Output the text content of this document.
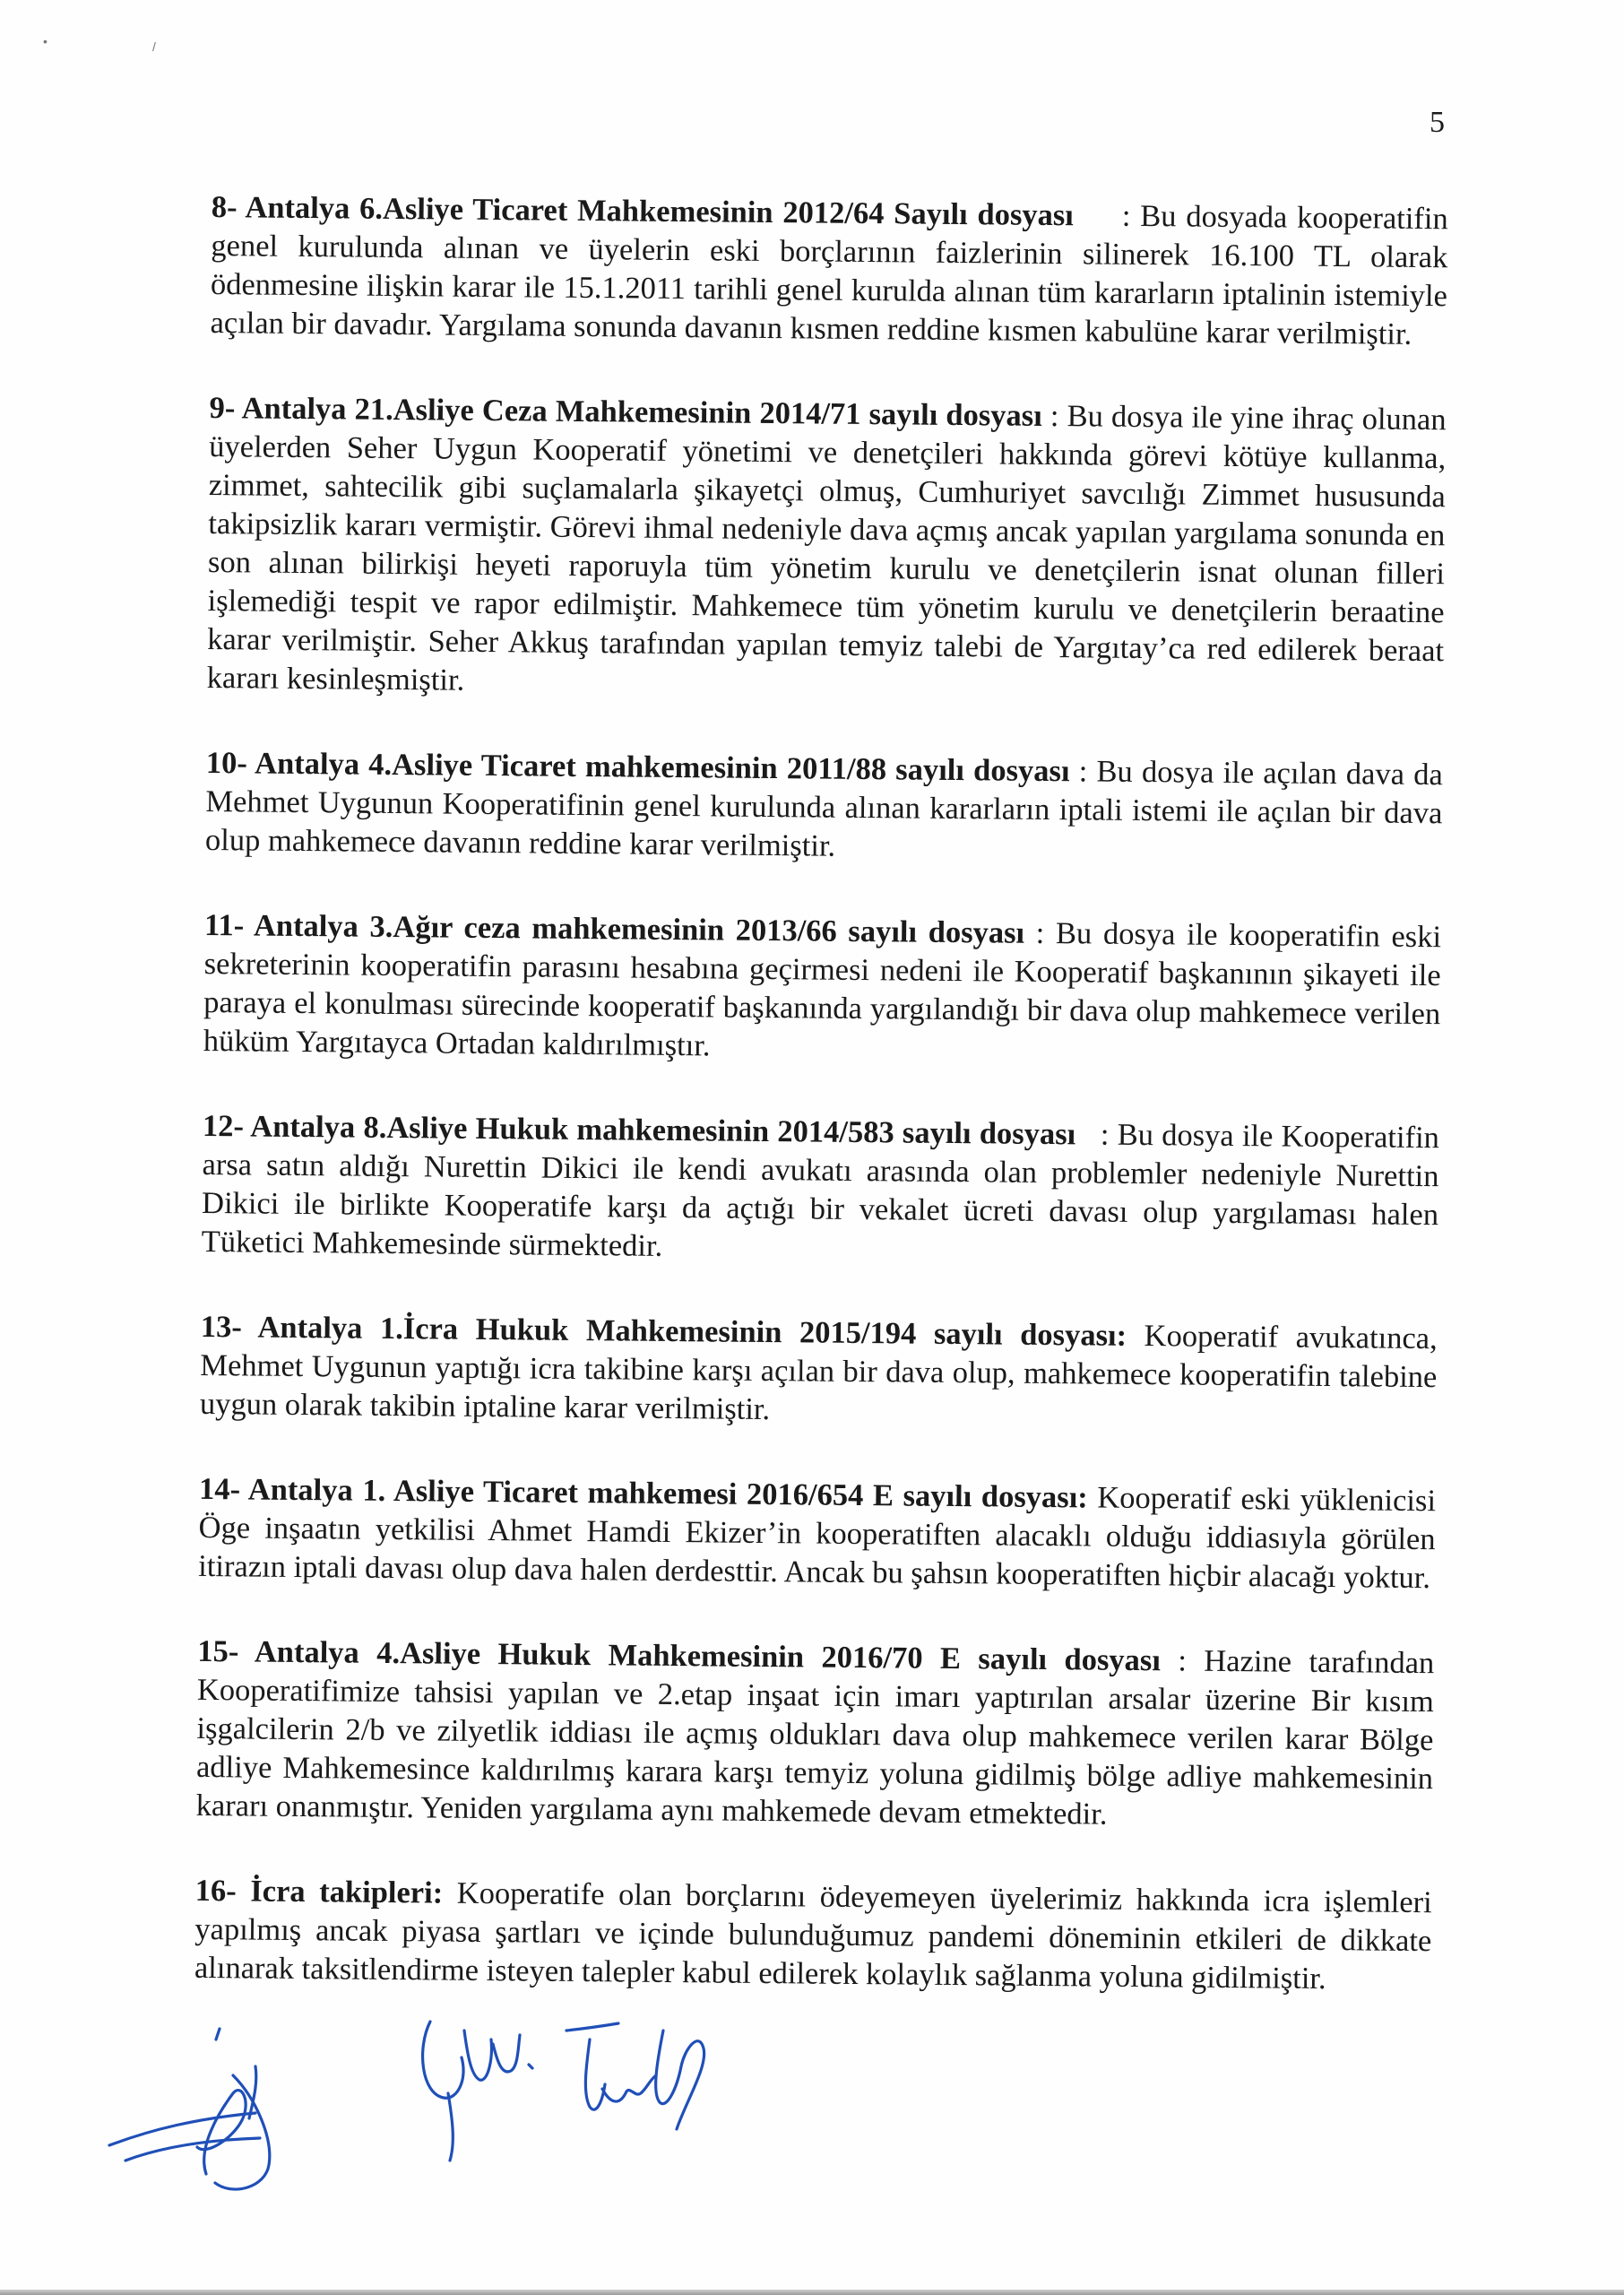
•	/
5

8- Antalya 6.Asliye Ticaret Mahkemesinin 2012/64 Sayılı dosyası : Bu dosyada kooperatifin genel kurulunda alınan ve üyelerin eski borçlarının faizlerinin silinerek 16.100 TL olarak ödenmesine ilişkin karar ile 15.1.2011 tarihli genel kurulda alınan tüm kararların iptalinin istemiyle açılan bir davadır. Yargılama sonunda davanın kısmen reddine kısmen kabulüne karar verilmiştir.

9- Antalya 21.Asliye Ceza Mahkemesinin 2014/71 sayılı dosyası : Bu dosya ile yine ihraç olunan üyelerden Seher Uygun Kooperatif yönetimi ve denetçileri hakkında görevi kötüye kullanma, zimmet, sahtecilik gibi suçlamalarla şikayetçi olmuş, Cumhuriyet savcılığı Zimmet hususunda takipsizlik kararı vermiştir. Görevi ihmal nedeniyle dava açmış ancak yapılan yargılama sonunda en son alınan bilirkişi heyeti raporuyla tüm yönetim kurulu ve denetçilerin isnat olunan filleri işlemediği tespit ve rapor edilmiştir. Mahkemece tüm yönetim kurulu ve denetçilerin beraatine karar verilmiştir. Seher Akkuş tarafından yapılan temyiz talebi de Yargıtay’ca red edilerek beraat kararı kesinleşmiştir.

10- Antalya 4.Asliye Ticaret mahkemesinin 2011/88 sayılı dosyası : Bu dosya ile açılan dava da Mehmet Uygunun Kooperatifinin genel kurulunda alınan kararların iptali istemi ile açılan bir dava olup mahkemece davanın reddine karar verilmiştir.

11- Antalya 3.Ağır ceza mahkemesinin 2013/66 sayılı dosyası : Bu dosya ile kooperatifin eski sekreterinin kooperatifin parasını hesabına geçirmesi nedeni ile Kooperatif başkanının şikayeti ile paraya el konulması sürecinde kooperatif başkanında yargılandığı bir dava olup mahkemece verilen hüküm Yargıtayca Ortadan kaldırılmıştır.

12- Antalya 8.Asliye Hukuk mahkemesinin 2014/583 sayılı dosyası : Bu dosya ile Kooperatifin arsa satın aldığı Nurettin Dikici ile kendi avukatı arasında olan problemler nedeniyle Nurettin Dikici ile birlikte Kooperatife karşı da açtığı bir vekalet ücreti davası olup yargılaması halen Tüketici Mahkemesinde sürmektedir.

13- Antalya 1.İcra Hukuk Mahkemesinin 2015/194 sayılı dosyası: Kooperatif avukatınca, Mehmet Uygunun yaptığı icra takibine karşı açılan bir dava olup, mahkemece kooperatifin talebine uygun olarak takibin iptaline karar verilmiştir.

14- Antalya 1. Asliye Ticaret mahkemesi 2016/654 E sayılı dosyası: Kooperatif eski yüklenicisi Öge inşaatın yetkilisi Ahmet Hamdi Ekizer’in kooperatiften alacaklı olduğu iddiasıyla görülen itirazın iptali davası olup dava halen derdesttir. Ancak bu şahsın kooperatiften hiçbir alacağı yoktur.

15- Antalya 4.Asliye Hukuk Mahkemesinin 2016/70 E sayılı dosyası : Hazine tarafından Kooperatifimize tahsisi yapılan ve 2.etap inşaat için imarı yaptırılan arsalar üzerine Bir kısım işgalcilerin 2/b ve zilyetlik iddiası ile açmış oldukları dava olup mahkemece verilen karar Bölge adliye Mahkemesince kaldırılmış karara karşı temyiz yoluna gidilmiş bölge adliye mahkemesinin kararı onanmıştır. Yeniden yargılama aynı mahkemede devam etmektedir.

16- İcra takipleri: Kooperatife olan borçlarını ödeyemeyen üyelerimiz hakkında icra işlemleri yapılmış ancak piyasa şartları ve içinde bulunduğumuz pandemi döneminin etkileri de dikkate alınarak taksitlendirme isteyen talepler kabul edilerek kolaylık sağlanma yoluna gidilmiştir.
